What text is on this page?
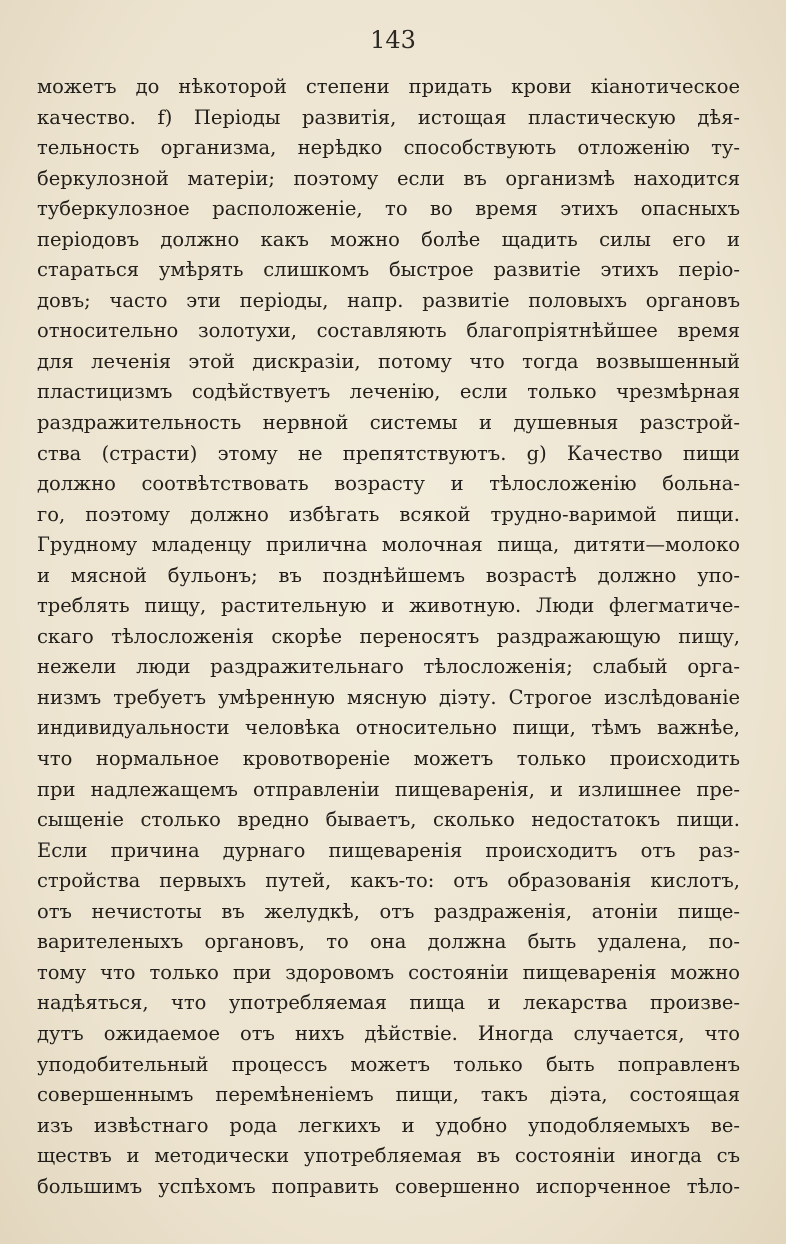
143
можетъ до нѣкоторой степени придать крови кіанотическое
качество. f) Періоды развитія, истощая пластическую дѣя-
тельность организма, нерѣдко способствують отложенію ту-
беркулозной матеріи; поэтому если въ организмѣ находится
туберкулозное расположеніе, то во время этихъ опасныхъ
періодовъ должно какъ можно болѣе щадить силы его и
стараться умѣрять слишкомъ быстрое развитіе этихъ періо-
довъ; часто эти періоды, напр. развитіе половыхъ органовъ
относительно золотухи, составляють благопріятнѣйшее время
для леченія этой дискразіи, потому что тогда возвышенный
пластицизмъ содѣйствуетъ леченію, если только чрезмѣрная
раздражительность нервной системы и душевныя разстрой-
ства (страсти) этому не препятствуютъ. g) Качество пищи
должно соотвѣтствовать возрасту и тѣлосложенію больна-
го, поэтому должно избѣгать всякой трудно-варимой пищи.
Грудному младенцу прилична молочная пища, дитяти—молоко
и мясной бульонъ; въ позднѣйшемъ возрастѣ должно упо-
треблять пищу, растительную и животную. Люди флегматиче-
скаго тѣлосложенія скорѣе переносятъ раздражающую пищу,
нежели люди раздражительнаго тѣлосложенія; слабый орга-
низмъ требуетъ умѣренную мясную діэту. Строгое изслѣдованіе
индивидуальности человѣка относительно пищи, тѣмъ важнѣе,
что нормальное кровотвореніе можетъ только происходить
при надлежащемъ отправленіи пищеваренія, и излишнее пре-
сыщеніе столько вредно бываетъ, сколько недостатокъ пищи.
Если причина дурнаго пищеваренія происходитъ отъ раз-
стройства первыхъ путей, какъ-то: отъ образованія кислотъ,
отъ нечистоты въ желудкѣ, отъ раздраженія, атоніи пище-
варителеныхъ органовъ, то она должна быть удалена, по-
тому что только при здоровомъ состояніи пищеваренія можно
надѣяться, что употребляемая пища и лекарства произве-
дутъ ожидаемое отъ нихъ дѣйствіе. Иногда случается, что
уподобительный процессъ можетъ только быть поправленъ
совершеннымъ перемѣненіемъ пищи, такъ діэта, состоящая
изъ извѣстнаго рода легкихъ и удобно уподобляемыхъ ве-
ществъ и методически употребляемая въ состояніи иногда съ
большимъ успѣхомъ поправить совершенно испорченное тѣло-
